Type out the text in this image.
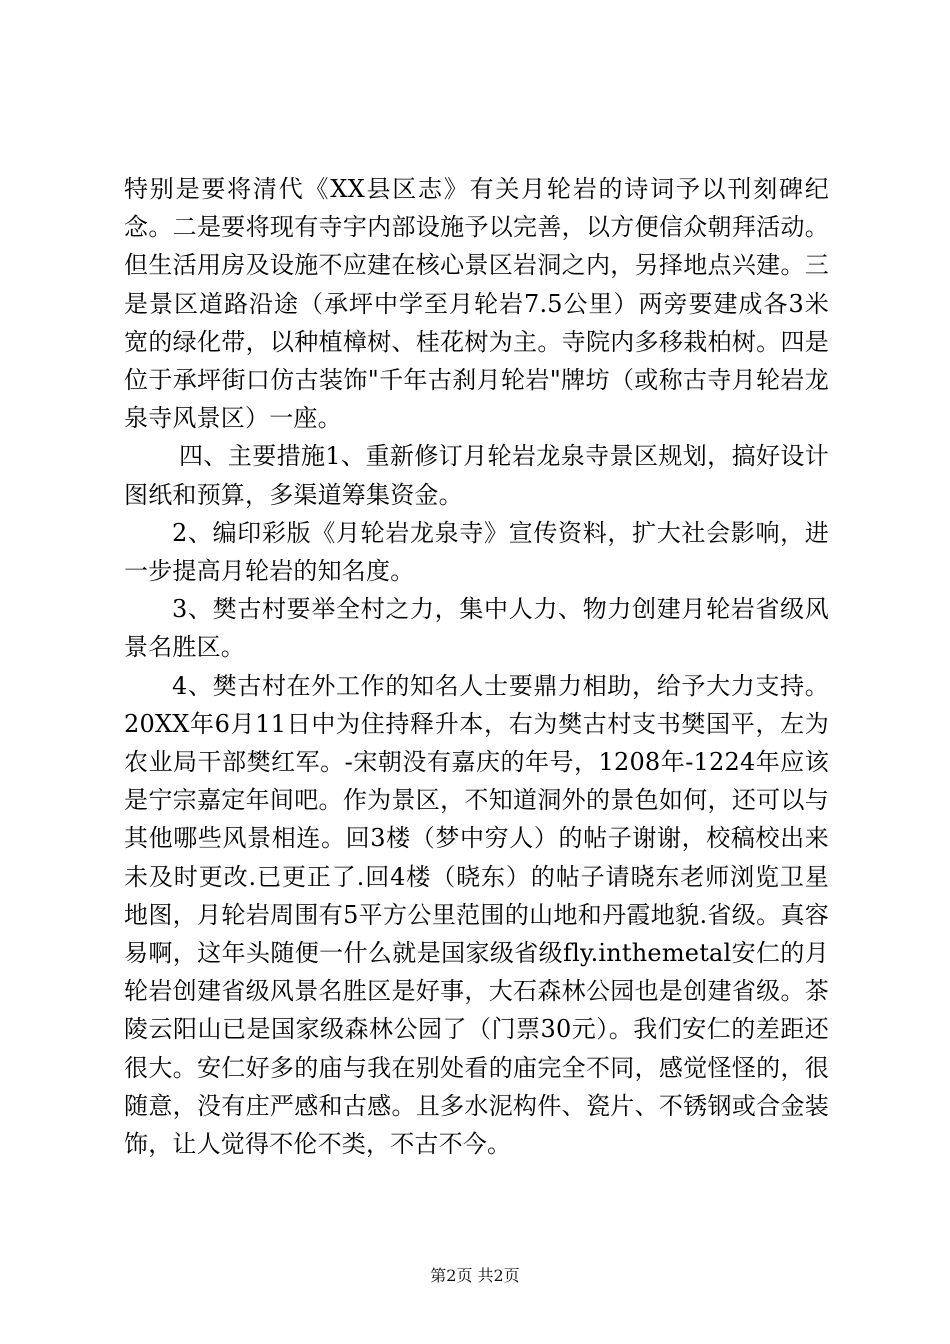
特别是要将清代《XX县区志》有关月轮岩的诗词予以刊刻碑纪念。二是要将现有寺宇内部设施予以完善，以方便信众朝拜活动。但生活用房及设施不应建在核心景区岩洞之内，另择地点兴建。三是景区道路沿途（承坪中学至月轮岩7.5公里）两旁要建成各3米宽的绿化带，以种植樟树、桂花树为主。寺院内多移栽柏树。四是位于承坪街口仿古装饰"千年古刹月轮岩"牌坊（或称古寺月轮岩龙泉寺风景区）一座。

四、主要措施1、重新修订月轮岩龙泉寺景区规划，搞好设计图纸和预算，多渠道筹集资金。

2、编印彩版《月轮岩龙泉寺》宣传资料，扩大社会影响，进一步提高月轮岩的知名度。

3、樊古村要举全村之力，集中人力、物力创建月轮岩省级风景名胜区。

4、樊古村在外工作的知名人士要鼎力相助，给予大力支持。20XX年6月11日中为住持释升本，右为樊古村支书樊国平，左为农业局干部樊红军。-宋朝没有嘉庆的年号，1208年-1224年应该是宁宗嘉定年间吧。作为景区，不知道洞外的景色如何，还可以与其他哪些风景相连。回3楼（梦中穷人）的帖子谢谢，校稿校出来未及时更改.已更正了.回4楼（晓东）的帖子请晓东老师浏览卫星地图，月轮岩周围有5平方公里范围的山地和丹霞地貌.省级。真容易啊，这年头随便一什么就是国家级省级fly.inthemetal安仁的月轮岩创建省级风景名胜区是好事，大石森林公园也是创建省级。茶陵云阳山已是国家级森林公园了（门票30元）。我们安仁的差距还很大。安仁好多的庙与我在别处看的庙完全不同，感觉怪怪的，很随意，没有庄严感和古感。且多水泥构件、瓷片、不锈钢或合金装饰，让人觉得不伦不类，不古不今。

第2页 共2页
